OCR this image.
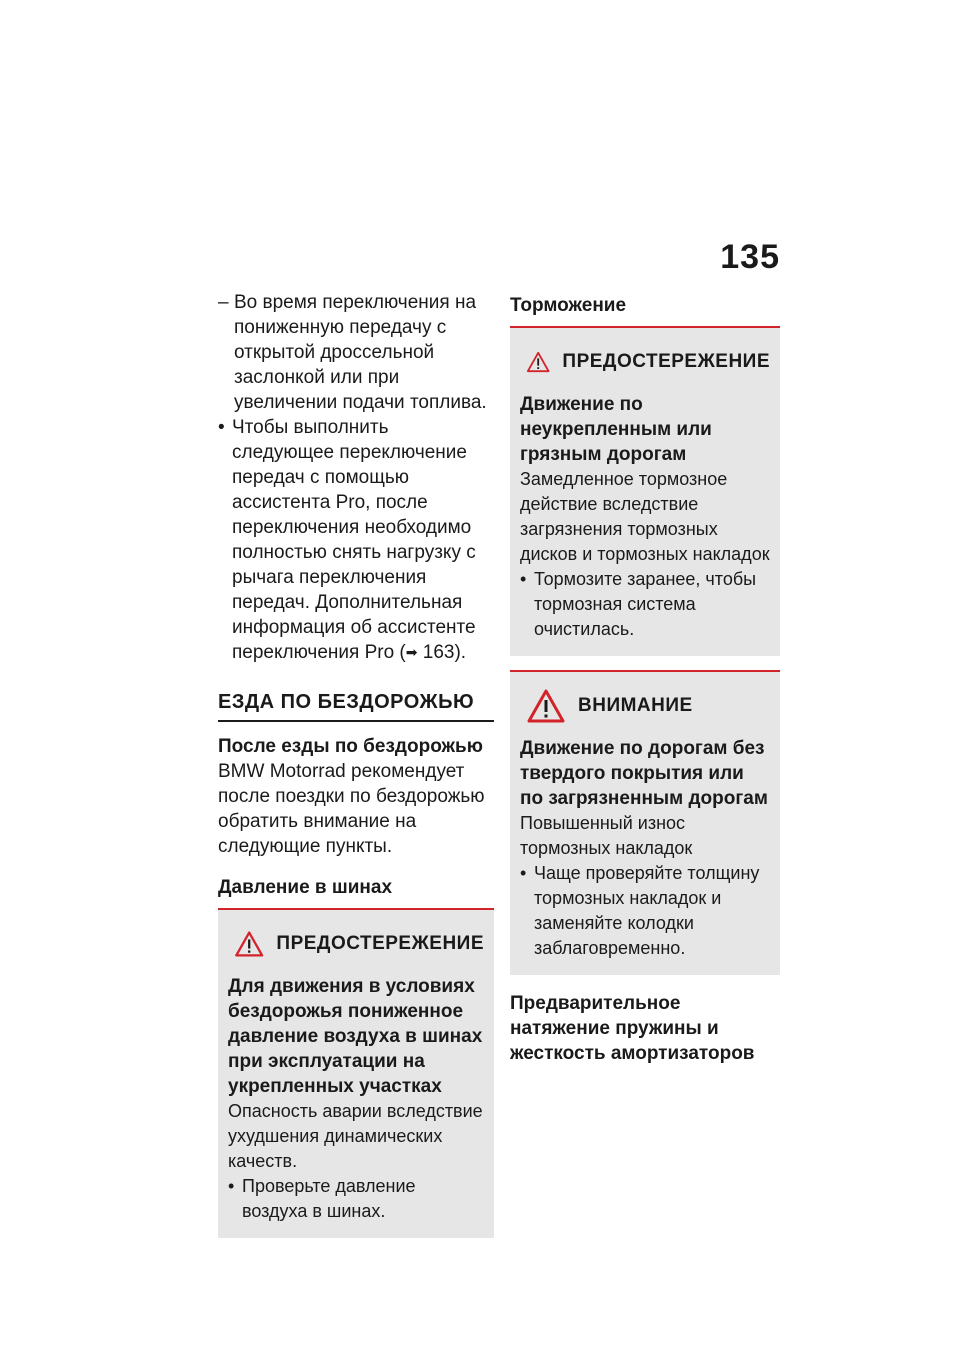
135
– Во время переключения на пониженную передачу с открытой дроссельной заслонкой или при увеличении подачи топлива.
• Чтобы выполнить следующее переключение передач с помощью ассистента Pro, после переключения необходимо полностью снять нагрузку с рычага переключения передач. Дополнительная информация об ассистенте переключения Pro (➡ 163).
ЕЗДА ПО БЕЗДОРОЖЬЮ
После езды по бездорожью

BMW Motorrad рекомендует после поездки по бездорожью обратить внимание на следующие пункты.

Давление в шинах
ПРЕДОСТЕРЕЖЕНИЕ
Для движения в условиях бездорожья пониженное давление воздуха в шинах при эксплуатации на укрепленных участках

Опасность аварии вследствие ухудшения динамических качеств.

• Проверьте давление воздуха в шинах.
Торможение
ПРЕДОСТЕРЕЖЕНИЕ
Движение по неукрепленным или грязным дорогам

Замедленное тормозное действие вследствие загрязнения тормозных дисков и тормозных накладок

• Тормозите заранее, чтобы тормозная система очистилась.
ВНИМАНИЕ
Движение по дорогам без твердого покрытия или по загрязненным дорогам

Повышенный износ тормозных накладок

• Чаще проверяйте толщину тормозных накладок и заменяйте колодки заблаговременно.
Предварительное натяжение пружины и жесткость амортизаторов
